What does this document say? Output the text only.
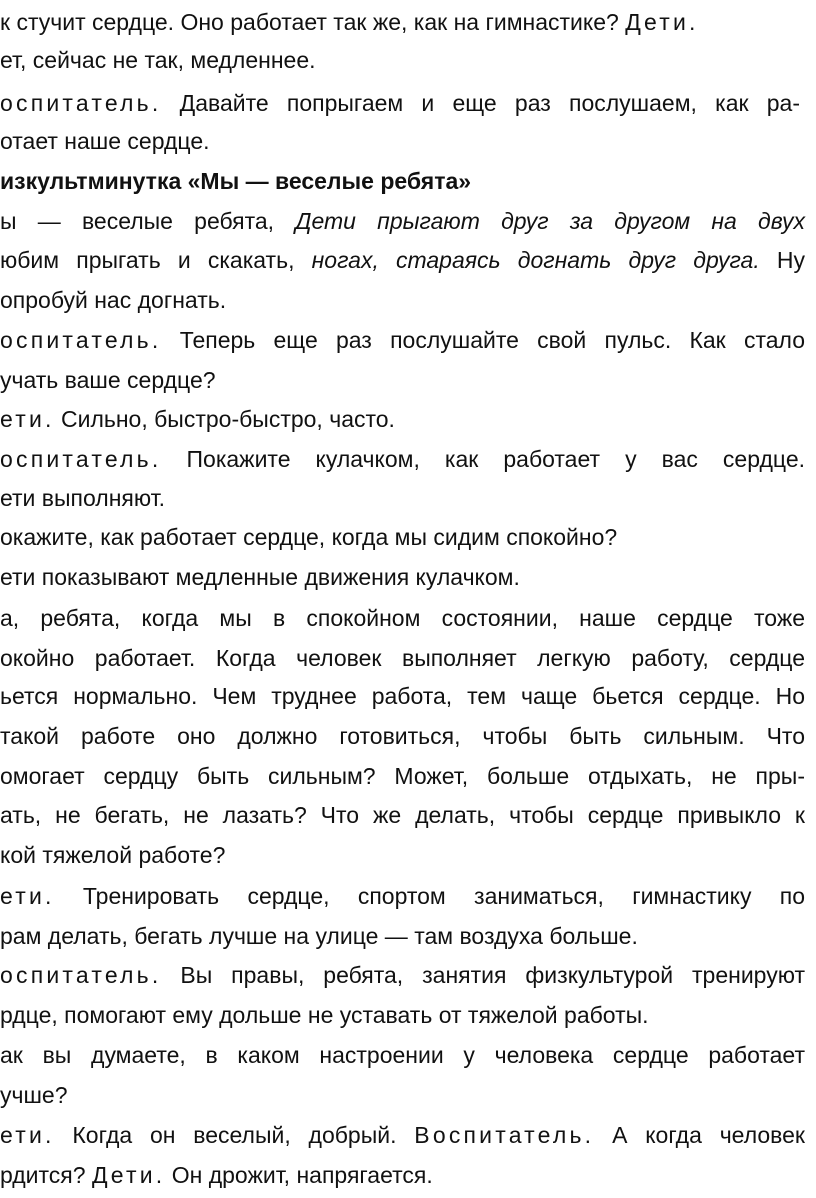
к стучит сердце. Оно работает так же, как на гимнастике? Дети.
ет, сейчас не так, медленнее.
оспитатель. Давайте попрыгаем и еще раз послушаем, как ра-
отает наше сердце.
изкультминутка «Мы — веселые ребята»
ы — веселые ребята, Дети прыгают друг за другом на двух
юбим прыгать и скакать, ногах, стараясь догнать друг друга. Ну
опробуй нас догнать.
оспитатель. Теперь еще раз послушайте свой пульс. Как стало
учать ваше сердце?
ети. Сильно, быстро-быстро, часто.
оспитатель. Покажите кулачком, как работает у вас сердце.
ети выполняют.
окажите, как работает сердце, когда мы сидим спокойно?
ети показывают медленные движения кулачком.
а, ребята, когда мы в спокойном состоянии, наше сердце тоже
окойно работает. Когда человек выполняет легкую работу, сердце
ьется нормально. Чем труднее работа, тем чаще бьется сердце. Но
такой работе оно должно готовиться, чтобы быть сильным. Что
омогает сердцу быть сильным? Может, больше отдыхать, не пры-
ать, не бегать, не лазать? Что же делать, чтобы сердце привыкло к
кой тяжелой работе?
ети. Тренировать сердце, спортом заниматься, гимнастику по
рам делать, бегать лучше на улице — там воздуха больше.
оспитатель. Вы правы, ребята, занятия физкультурой тренируют
рдце, помогают ему дольше не уставать от тяжелой работы.
ак вы думаете, в каком настроении у человека сердце работает
учше?
ети. Когда он веселый, добрый. Воспитатель. А когда человек
рдится? Дети. Он дрожит, напрягается.
